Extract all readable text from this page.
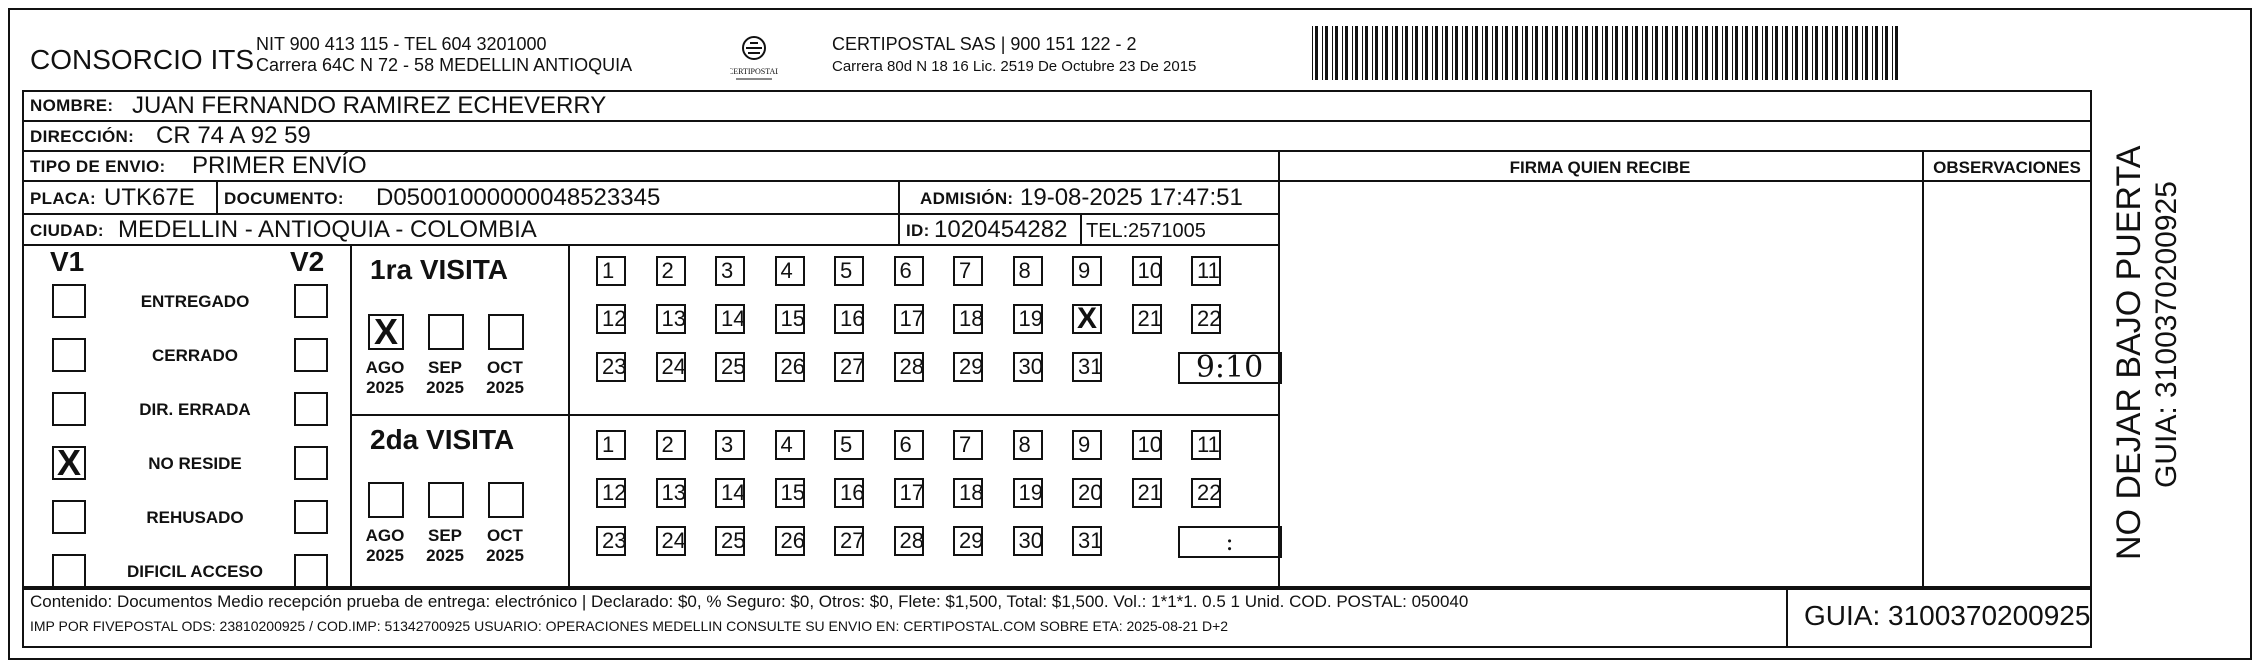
CONSORCIO ITS NIT 900 413 115 - TEL 604 3201000
Carrera 64C N 72 - 58 MEDELLIN ANTIOQUIA	CERTIPOSTAL
CERTIPOSTAL SAS | 900 151 122 - 2
Carrera 80d N 18 16 Lic. 2519 De Octubre 23 De 2015
NOMBRE: JUAN FERNANDO RAMIREZ ECHEVERRY
DIRECCIÓN: CR 74 A 92 59
TIPO DE ENVIO: PRIMER ENVÍO	FIRMA QUIEN RECIBE	OBSERVACIONES
PLACA: UTK67E DOCUMENTO: D05001000000048523345	ADMISIÓN: 19-08-2025 17:47:51
CIUDAD: MEDELLIN - ANTIOQUIA - COLOMBIA	ID: 1020454282 TEL: 2571005
V1	V2
ENTREGADO
CERRADO
DIR. ERRADA
X	NO RESIDE
REHUSADO
DIFICIL ACCESO
1ra VISITA
X
AGO
2025
SEP
2025
OCT
2025
1	2	3	4	5	6	7	8	9	10 11
12 13 14 15 16 17 18 19 X 21 22
23 24 25 26 27 28 29 30 31	9:10
2da VISITA
AGO
2025
SEP
2025
OCT
2025
1	2	3	4	5	6	7	8	9	10 11
12 13 14 15 16 17 18 19 20 21 22
23 24 25 26 27 28 29 30 31	:
Contenido: Documentos Medio recepción prueba de entrega: electrónico | Declarado: $0, % Seguro: $0, Otros: $0, Flete: $1,500, Total: $1,500. Vol.: 1*1*1. 0.5 1 Unid. COD. POSTAL: 050040
IMP POR FIVEPOSTAL ODS: 23810200925 / COD.IMP: 51342700925 USUARIO: OPERACIONES MEDELLIN CONSULTE SU ENVIO EN: CERTIPOSTAL.COM SOBRE ETA: 2025-08-21 D+2	GUIA: 3100370200925
NO DEJAR BAJO PUERTA GUIA: 3100370200925
